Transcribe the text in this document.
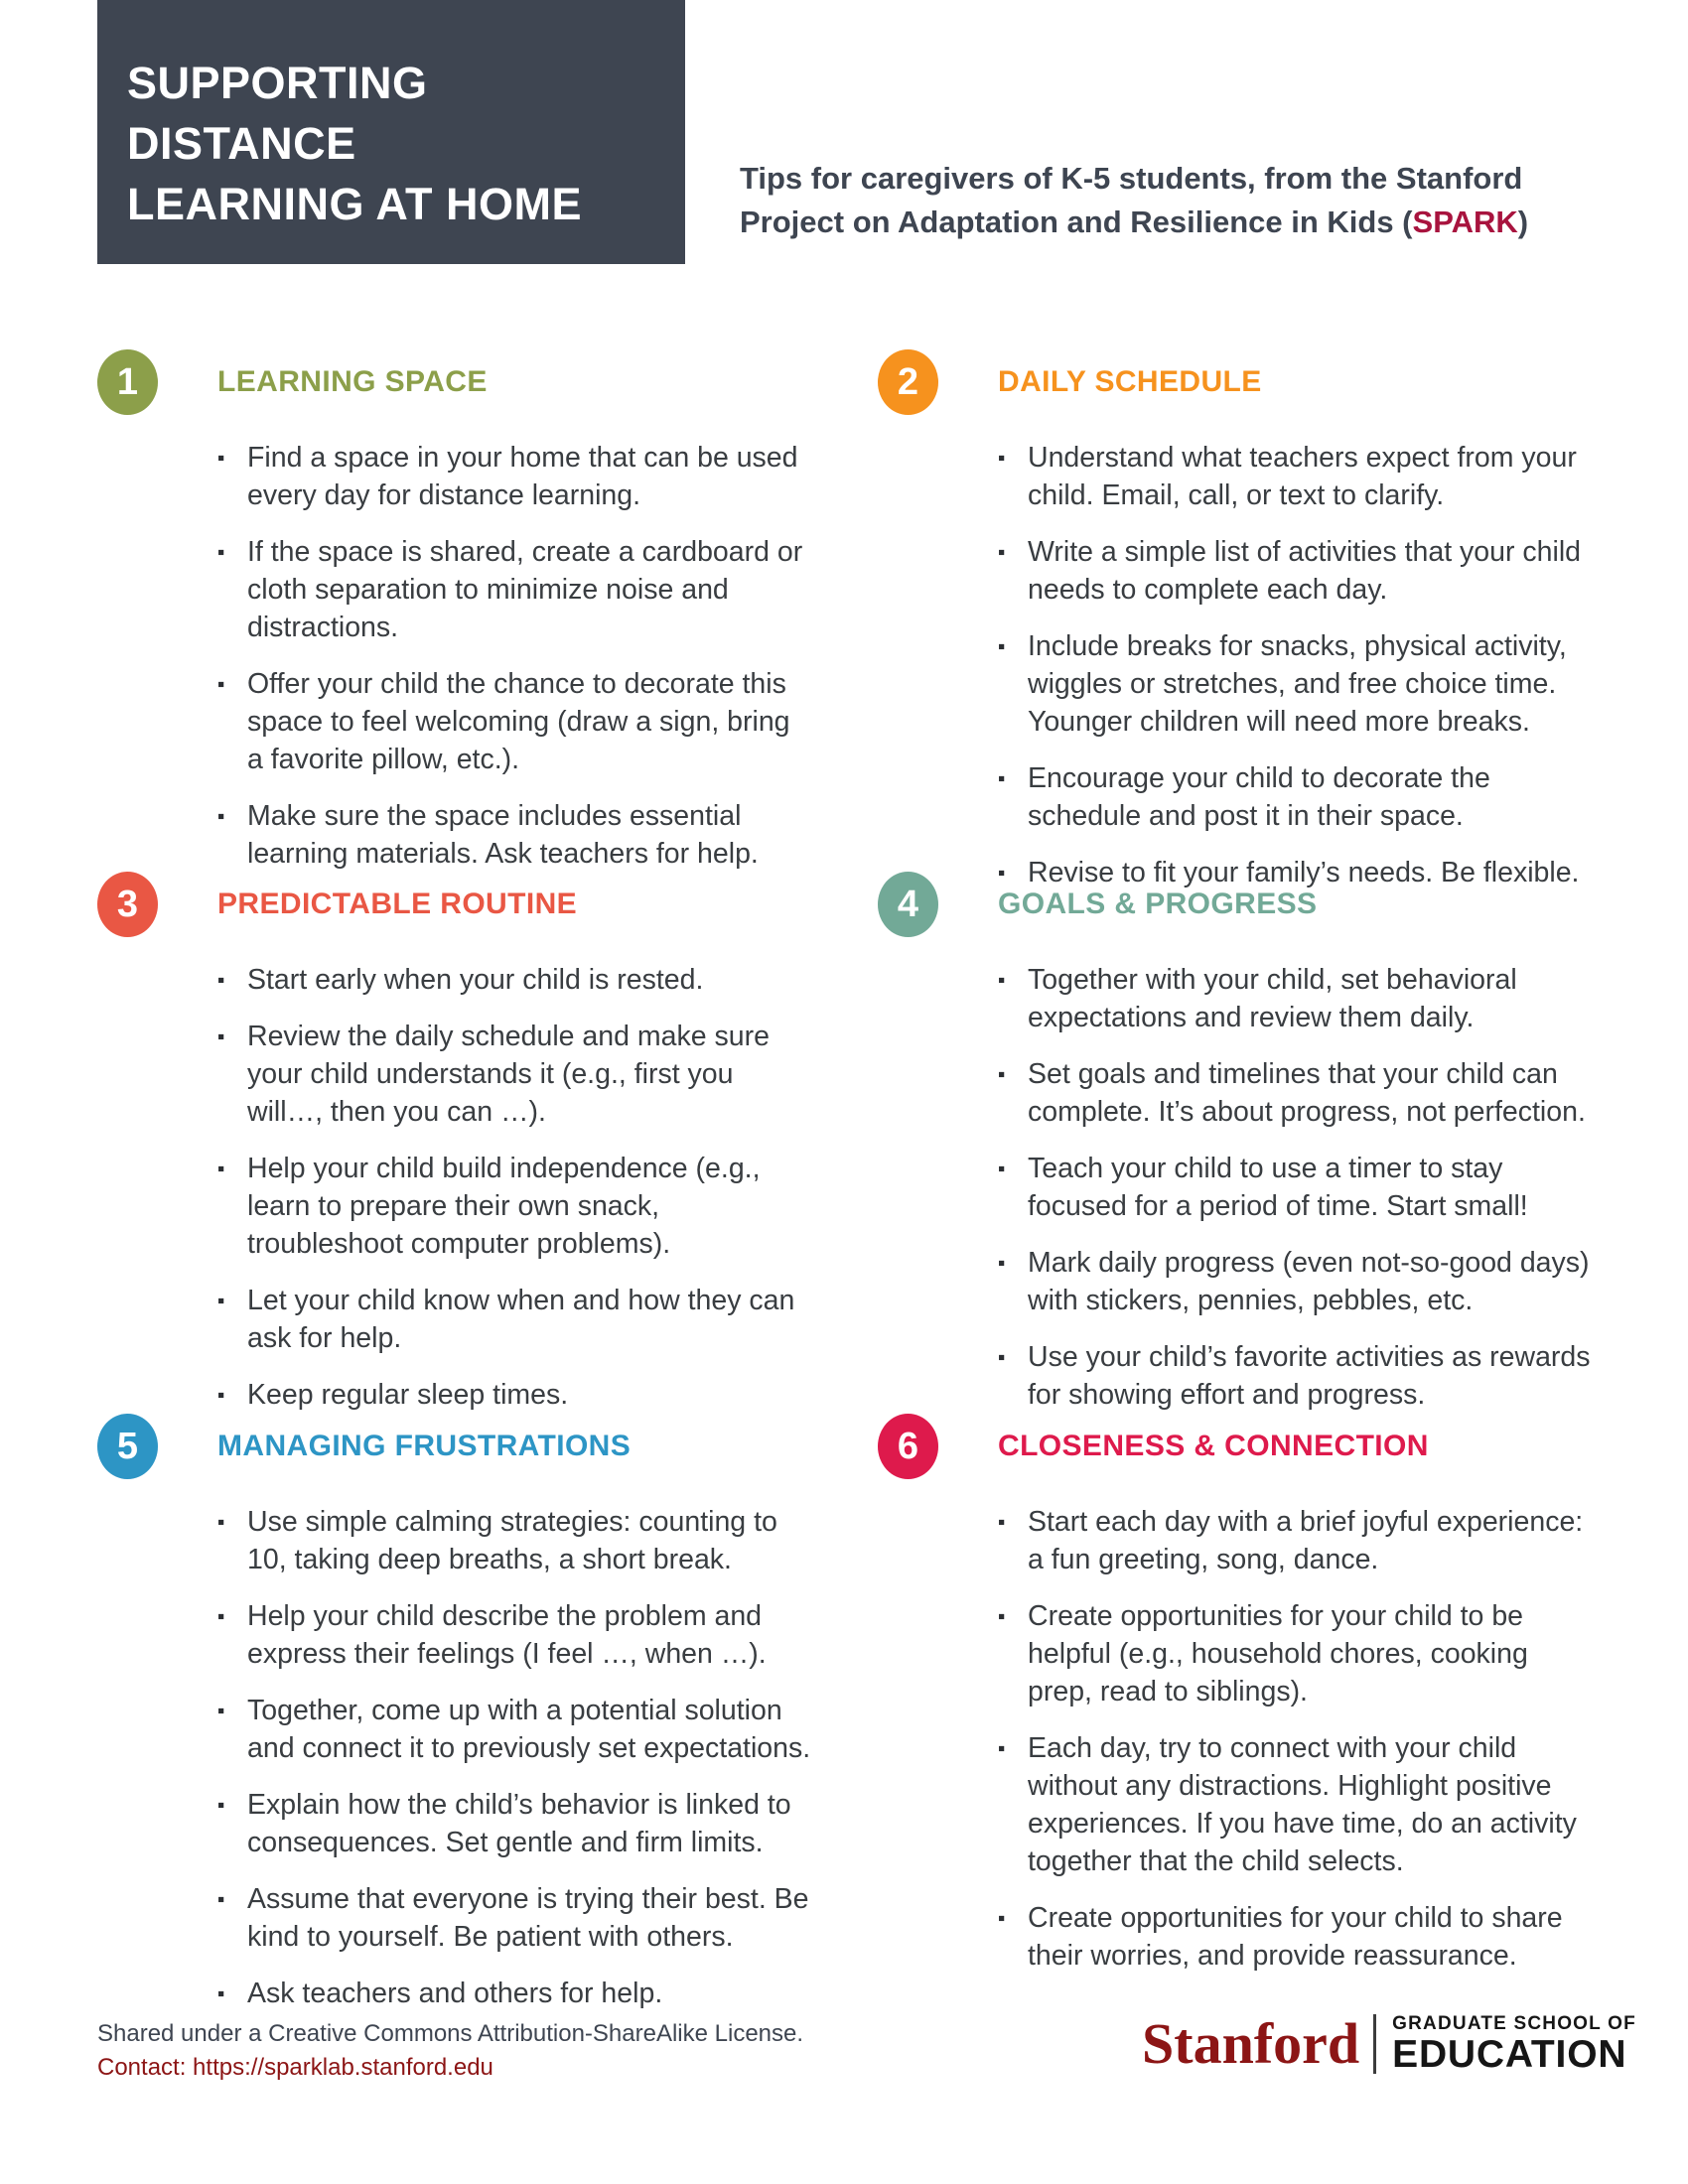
SUPPORTING DISTANCE
LEARNING AT HOME
Tips for caregivers of K-5 students, from the Stanford Project on Adaptation and Resilience in Kids (SPARK)
1	LEARNING SPACE
▪ Find a space in your home that can be used every day for distance learning.
▪ If the space is shared, create a cardboard or cloth separation to minimize noise and distractions.
▪ Offer your child the chance to decorate this space to feel welcoming (draw a sign, bring a favorite pillow, etc.).
▪ Make sure the space includes essential learning materials. Ask teachers for help.
2	DAILY SCHEDULE
▪ Understand what teachers expect from your child. Email, call, or text to clarify.
▪ Write a simple list of activities that your child needs to complete each day.
▪ Include breaks for snacks, physical activity, wiggles or stretches, and free choice time. Younger children will need more breaks.
▪ Encourage your child to decorate the schedule and post it in their space.
▪ Revise to fit your family’s needs. Be flexible.
3	PREDICTABLE ROUTINE
▪ Start early when your child is rested.
▪ Review the daily schedule and make sure your child understands it (e.g., first you will…, then you can …).
▪ Help your child build independence (e.g., learn to prepare their own snack, troubleshoot computer problems).
▪ Let your child know when and how they can ask for help.
▪ Keep regular sleep times.
4	GOALS & PROGRESS
▪ Together with your child, set behavioral expectations and review them daily.
▪ Set goals and timelines that your child can complete. It’s about progress, not perfection.
▪ Teach your child to use a timer to stay focused for a period of time. Start small!
▪ Mark daily progress (even not-so-good days) with stickers, pennies, pebbles, etc.
▪ Use your child’s favorite activities as rewards for showing effort and progress.
5	MANAGING FRUSTRATIONS
▪ Use simple calming strategies: counting to 10, taking deep breaths, a short break.
▪ Help your child describe the problem and express their feelings (I feel …, when …).
▪ Together, come up with a potential solution and connect it to previously set expectations.
▪ Explain how the child’s behavior is linked to consequences. Set gentle and firm limits.
▪ Assume that everyone is trying their best. Be kind to yourself. Be patient with others.
▪ Ask teachers and others for help.
6	CLOSENESS & CONNECTION
▪ Start each day with a brief joyful experience: a fun greeting, song, dance.
▪ Create opportunities for your child to be helpful (e.g., household chores, cooking prep, read to siblings).
▪ Each day, try to connect with your child without any distractions. Highlight positive experiences. If you have time, do an activity together that the child selects.
▪ Create opportunities for your child to share their worries, and provide reassurance.
Shared under a Creative Commons Attribution-ShareAlike License.
Contact: https://sparklab.stanford.edu	Stanford GRADUATE SCHOOL OF
EDUCATION
